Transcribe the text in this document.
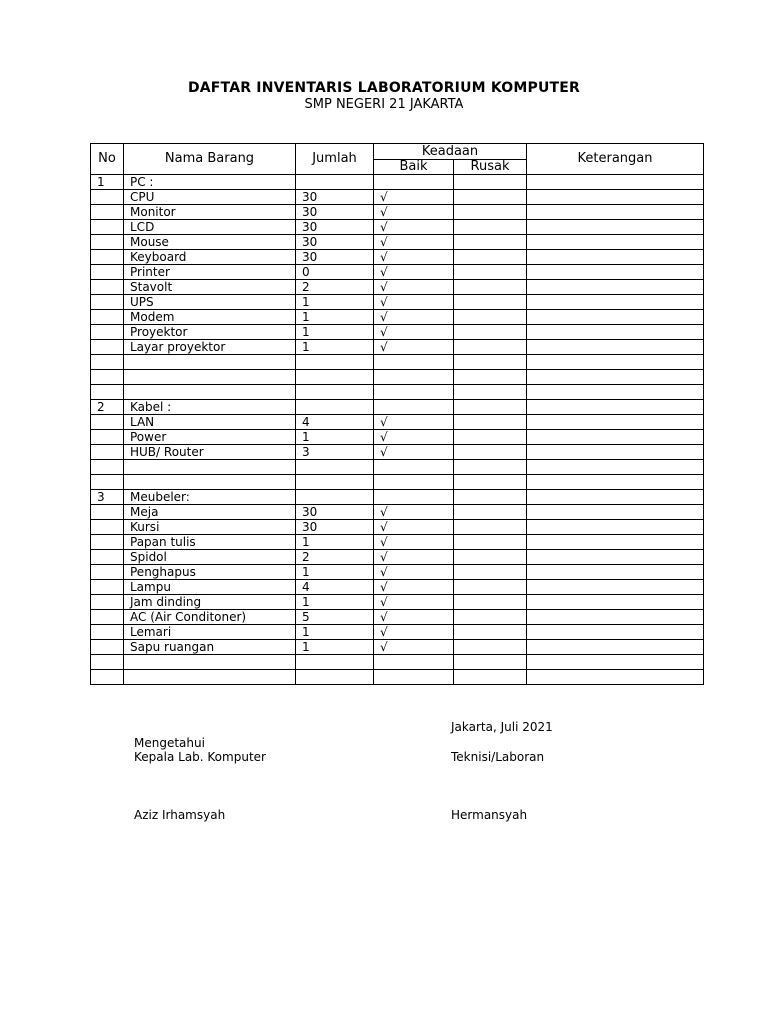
DAFTAR INVENTARIS LABORATORIUM KOMPUTER
SMP NEGERI 21 JAKARTA
No	Nama Barang	Jumlah	Keadaan		Keterangan
			Baik	Rusak	
1	PC :				
	CPU	30	√		
	Monitor	30	√		
	LCD	30	√		
	Mouse	30	√		
	Keyboard	30	√		
	Printer	0	√		
	Stavolt	2	√		
	UPS	1	√		
	Modem	1	√		
	Proyektor	1	√		
	Layar proyektor	1	√		

2	Kabel :				
	LAN	4	√		
	Power	1	√		
	HUB/ Router	3	√		

3	Meubeler:				
	Meja	30	√		
	Kursi	30	√		
	Papan tulis	1	√		
	Spidol	2	√		
	Penghapus	1	√		
	Lampu	4	√		
	Jam dinding	1	√		
	AC (Air Conditoner)	5	√		
	Lemari	1	√		
	Sapu ruangan	1	√		

Jakarta, Juli 2021
Mengetahui
Kepala Lab. Komputer	Teknisi/Laboran
Aziz Irhamsyah	Hermansyah
